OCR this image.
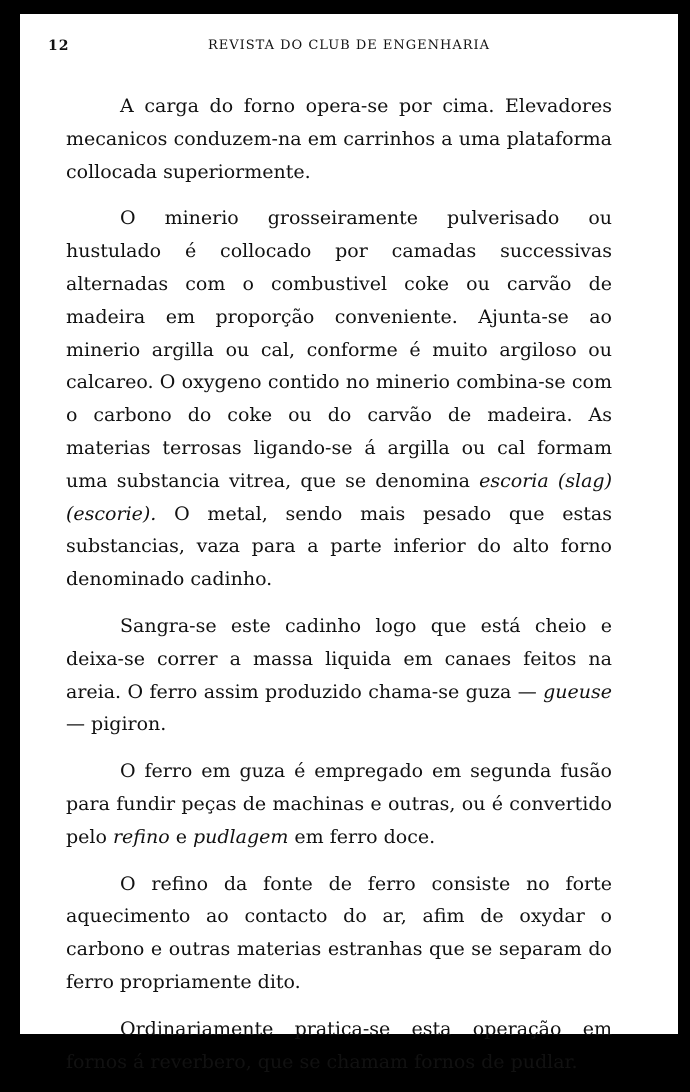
12	REVISTA DO CLUB DE ENGENHARIA

A carga do forno opera-se por cima. Elevadores mecanicos conduzem-na em carrinhos a uma plataforma collocada superiormente.

O minerio grosseiramente pulverisado ou hustulado é collocado por camadas successivas alternadas com o combustivel coke ou carvão de madeira em proporção conveniente. Ajunta-se ao minerio argilla ou cal, conforme é muito argiloso ou calcareo. O oxygeno contido no minerio combina-se com o carbono do coke ou do carvão de madeira. As materias terrosas ligando-se á argilla ou cal formam uma substancia vitrea, que se denomina escoria (slag) (escorie). O metal, sendo mais pesado que estas substancias, vaza para a parte inferior do alto forno denominado cadinho.

Sangra-se este cadinho logo que está cheio e deixa-se correr a massa liquida em canaes feitos na areia. O ferro assim produzido chama-se guza — gueuse — pigiron.

O ferro em guza é empregado em segunda fusão para fundir peças de machinas e outras, ou é convertido pelo refino e pudlagem em ferro doce.

O refino da fonte de ferro consiste no forte aquecimento ao contacto do ar, afim de oxydar o carbono e outras materias estranhas que se separam do ferro propriamente dito.

Ordinariamente pratica-se esta operação em fornos á reverbero, que se chamam fornos de pudlar.
